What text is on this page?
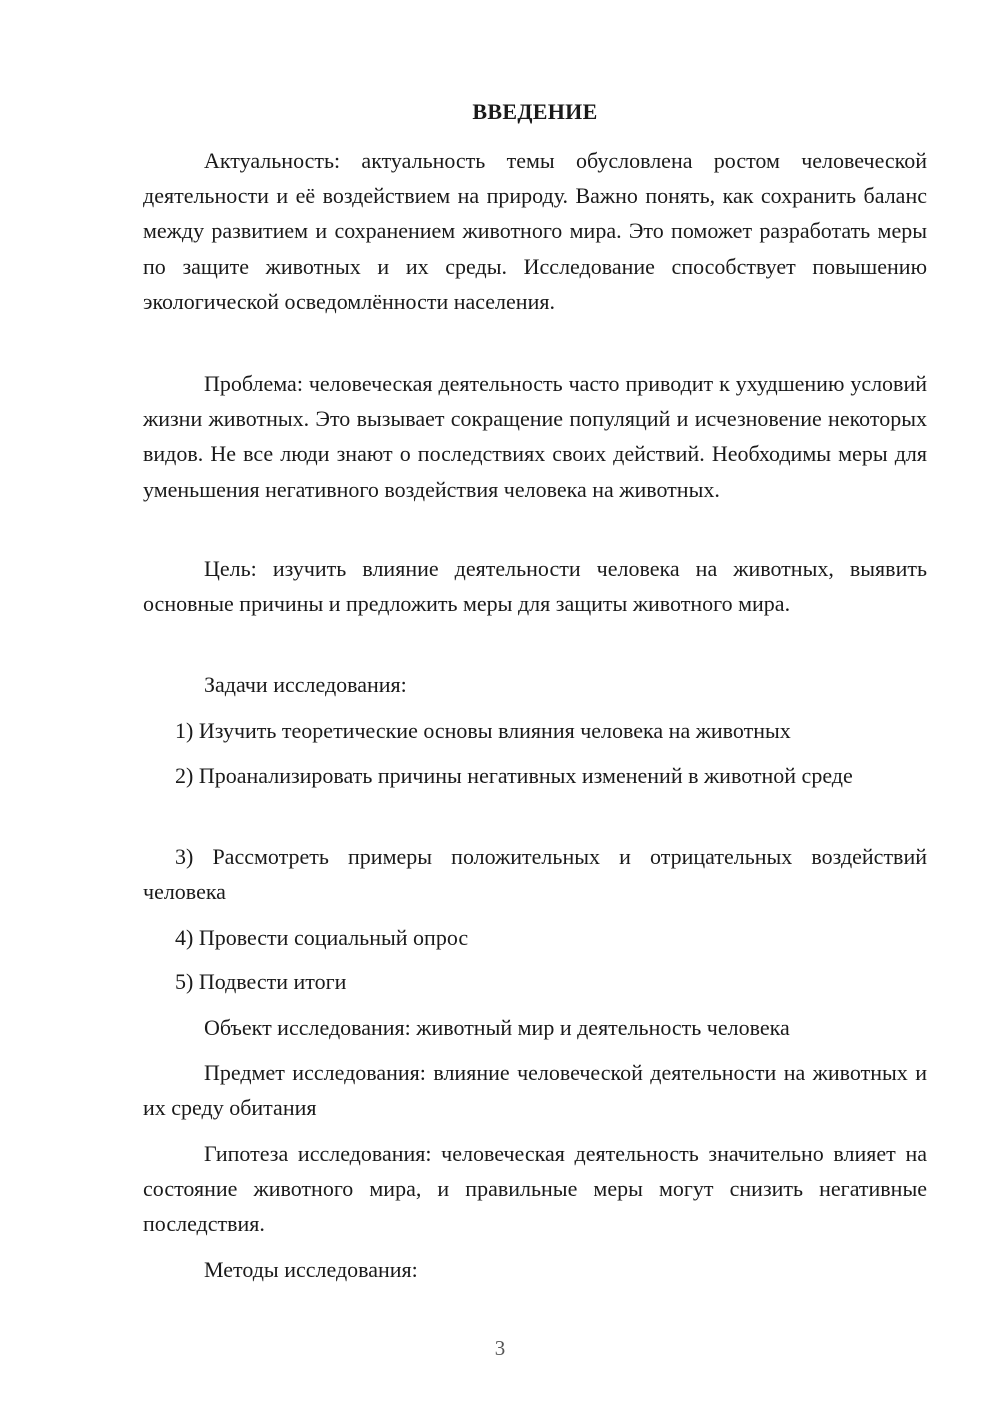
ВВЕДЕНИЕ

Актуальность: актуальность темы обусловлена ростом человеческой деятельности и её воздействием на природу. Важно понять, как сохранить баланс между развитием и сохранением животного мира. Это поможет разработать меры по защите животных и их среды. Исследование способствует повышению экологической осведомлённости населения.

Проблема: человеческая деятельность часто приводит к ухудшению условий жизни животных. Это вызывает сокращение популяций и исчезновение некоторых видов. Не все люди знают о последствиях своих действий. Необходимы меры для уменьшения негативного воздействия человека на животных.

Цель: изучить влияние деятельности человека на животных, выявить основные причины и предложить меры для защиты животного мира.

Задачи исследования:

1) Изучить теоретические основы влияния человека на животных

2) Проанализировать причины негативных изменений в животной среде

3) Рассмотреть примеры положительных и отрицательных воздействий человека

4) Провести социальный опрос

5) Подвести итоги

Объект исследования: животный мир и деятельность человека

Предмет исследования: влияние человеческой деятельности на животных и их среду обитания

Гипотеза исследования: человеческая деятельность значительно влияет на состояние животного мира, и правильные меры могут снизить негативные последствия.

Методы исследования:

3
